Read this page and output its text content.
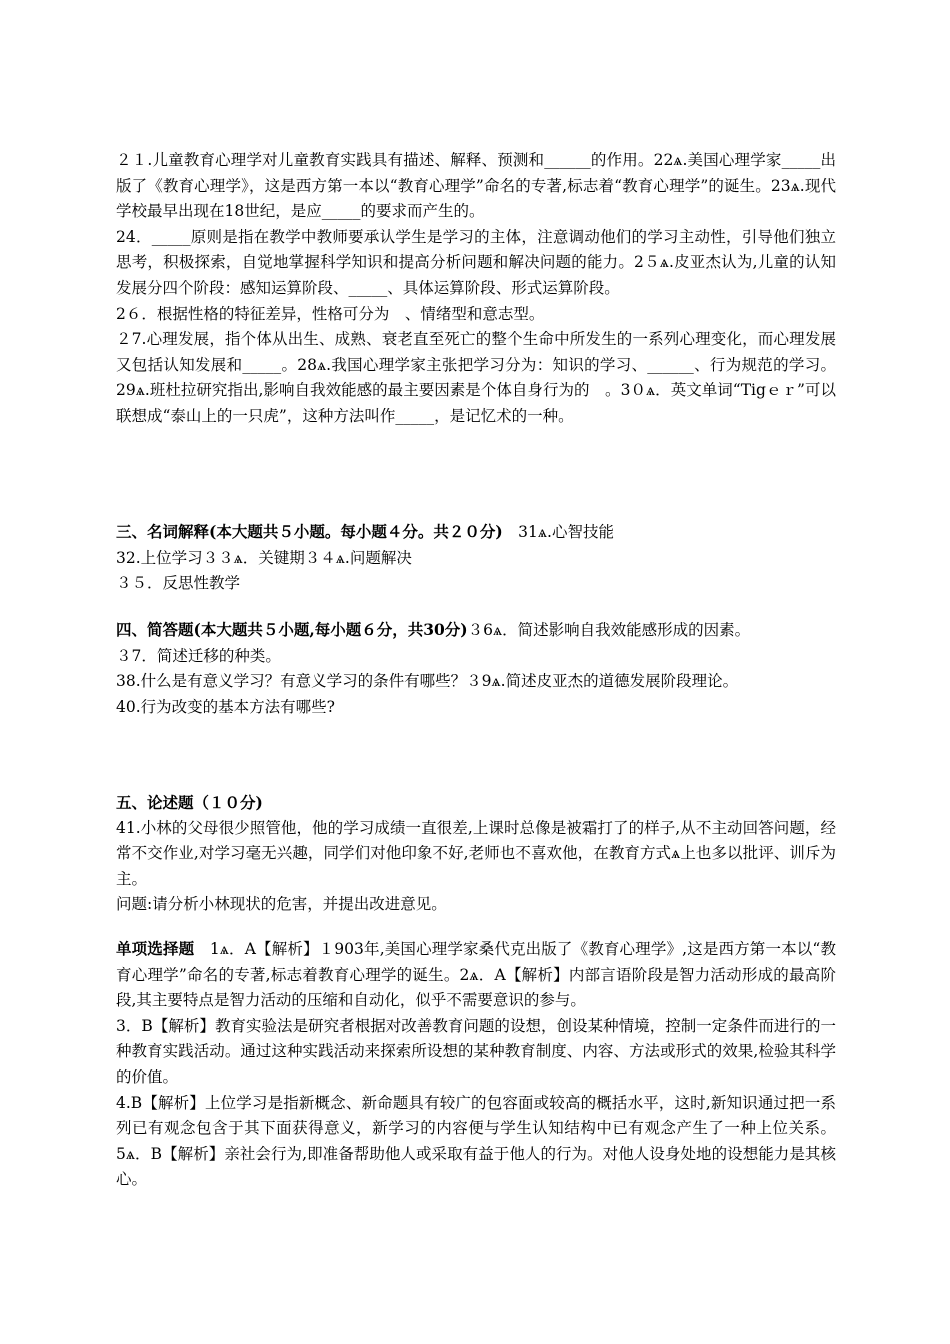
２１.儿童教育心理学对儿童教育实践具有描述、解释、预测和______的作用。22ѧ.美国心理学家_____出版了《教育心理学》，这是西方第一本以“教育心理学”命名的专著,标志着“教育心理学”的诞生。23ѧ.现代学校最早出现在18世纪，是应_____的要求而产生的。

24．_____原则是指在教学中教师要承认学生是学习的主体，注意调动他们的学习主动性，引导他们独立思考，积极探索，自觉地掌握科学知识和提高分析问题和解决问题的能力。2５ѧ.皮亚杰认为,儿童的认知发展分四个阶段：感知运算阶段、_____、具体运算阶段、形式运算阶段。

2６．根据性格的特征差异，性格可分为　、情绪型和意志型。

２7.心理发展，指个体从出生、成熟、衰老直至死亡的整个生命中所发生的一系列心理变化，而心理发展又包括认知发展和_____。28ѧ.我国心理学家主张把学习分为：知识的学习、______、行为规范的学习。29ѧ.班杜拉研究指出,影响自我效能感的最主要因素是个体自身行为的　。3０ѧ．英文单词“Tigｅｒ”可以联想成“泰山上的一只虎”，这种方法叫作_____，是记忆术的一种。

三、名词解释(本大题共５小题。每小题４分。共２０分)　31ѧ.心智技能

32.上位学习３３ѧ．关键期３４ѧ.问题解决

３５．反思性教学

四、简答题(本大题共５小题,每小题６分，共30分)３6ѧ．简述影响自我效能感形成的因素。

３7．简述迁移的种类。

38.什么是有意义学习？有意义学习的条件有哪些？３9ѧ.简述皮亚杰的道德发展阶段理论。

40.行为改变的基本方法有哪些?

五、论述题（１０分)

41.小林的父母很少照管他，他的学习成绩一直很差,上课时总像是被霜打了的样子,从不主动回答问题，经常不交作业,对学习毫无兴趣，同学们对他印象不好,老师也不喜欢他，在教育方式ѧ上也多以批评、训斥为主。

问题:请分析小林现状的危害，并提出改进意见。

单项选择题　1ѧ．A【解析】１903年,美国心理学家桑代克出版了《教育心理学》,这是西方第一本以“教育心理学”命名的专著,标志着教育心理学的诞生。2ѧ．A【解析】内部言语阶段是智力活动形成的最高阶段,其主要特点是智力活动的压缩和自动化，似乎不需要意识的参与。

3．B【解析】教育实验法是研究者根据对改善教育问题的设想，创设某种情境，控制一定条件而进行的一种教育实践活动。通过这种实践活动来探索所设想的某种教育制度、内容、方法或形式的效果,检验其科学的价值。

4.B【解析】上位学习是指新概念、新命题具有较广的包容面或较高的概括水平，这时,新知识通过把一系列已有观念包含于其下面获得意义，新学习的内容便与学生认知结构中已有观念产生了一种上位关系。5ѧ．B【解析】亲社会行为,即准备帮助他人或采取有益于他人的行为。对他人设身处地的设想能力是其核心。
